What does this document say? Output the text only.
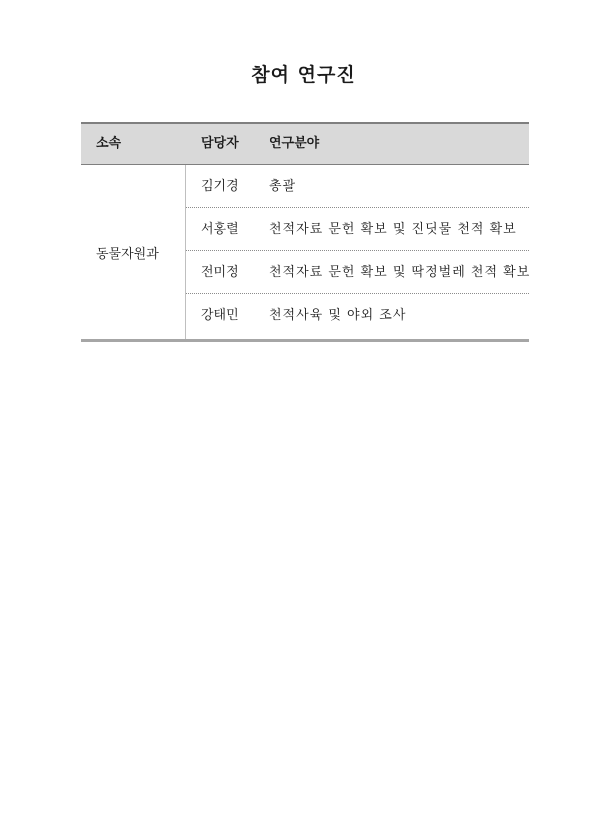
참여 연구진
소속	담당자 연구분야
동물자원과
김기경 총괄
서홍렬 천적자료 문헌 확보 및 진딧물 천적 확보
전미정 천적자료 문헌 확보 및 딱정벌레 천적 확보
강태민 천적사육 및 야외 조사
